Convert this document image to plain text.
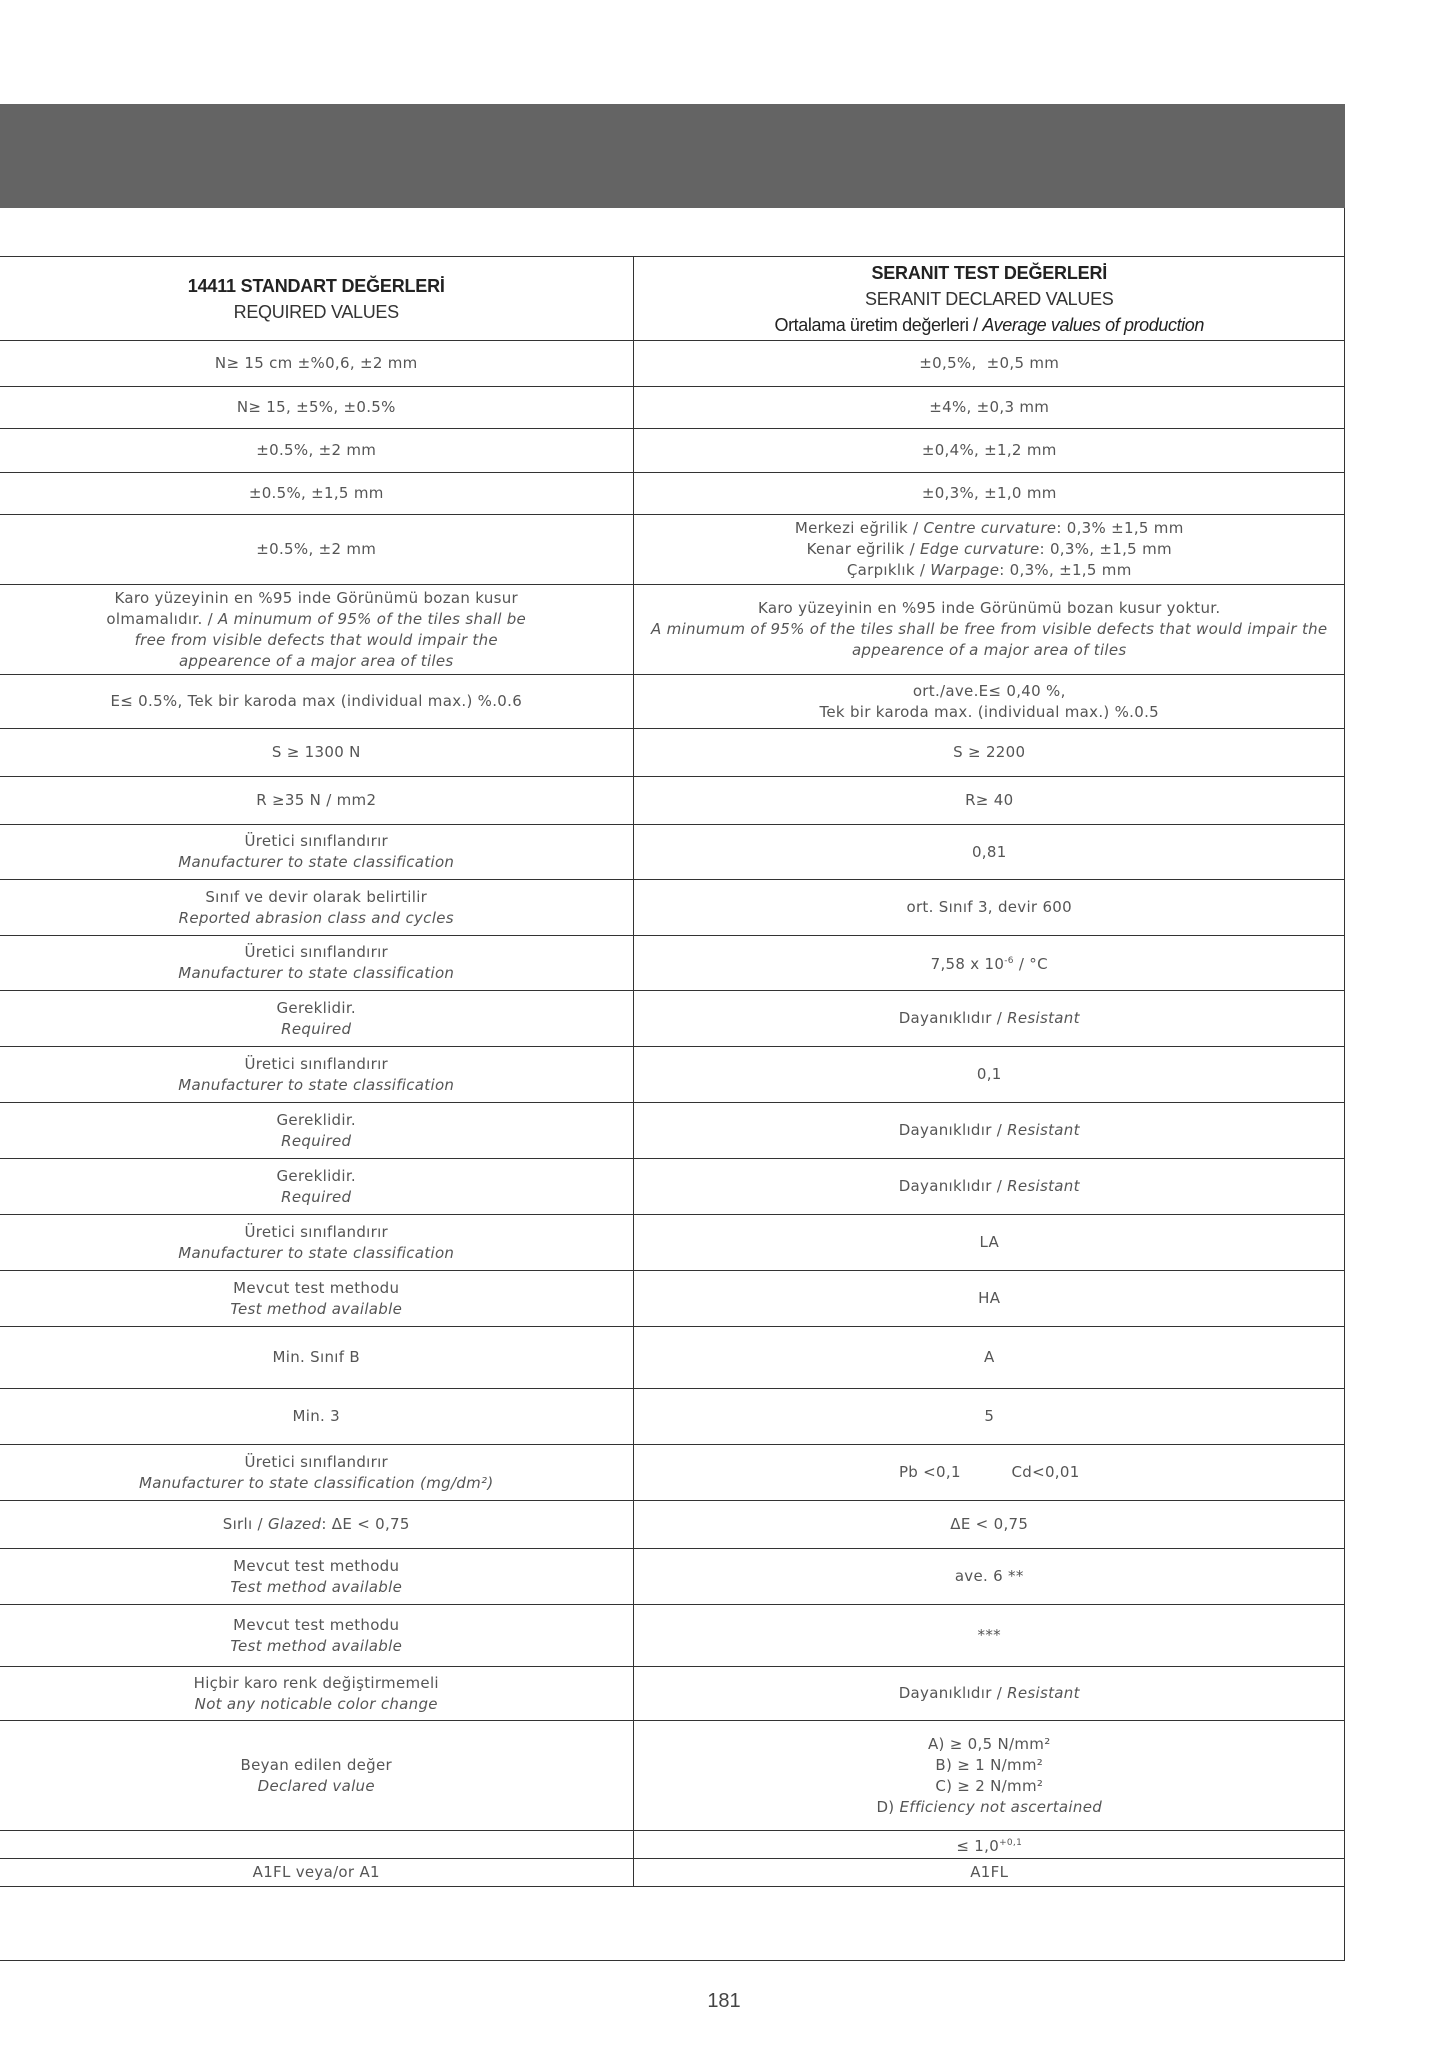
14411 STANDART DEĞERLERİ
REQUIRED VALUES	SERANIT TEST DEĞERLERİ
SERANIT DECLARED VALUES
Ortalama üretim değerleri / Average values of production

N≥ 15 cm ±%0,6, ±2 mm	±0,5%,  ±0,5 mm

N≥ 15, ±5%, ±0.5%	±4%, ±0,3 mm

±0.5%, ±2 mm	±0,4%, ±1,2 mm

±0.5%, ±1,5 mm	±0,3%, ±1,0 mm

±0.5%, ±2 mm	Merkezi eğrilik / Centre curvature: 0,3% ±1,5 mm
Kenar eğrilik / Edge curvature: 0,3%, ±1,5 mm
Çarpıklık / Warpage: 0,3%, ±1,5 mm

Karo yüzeyinin en %95 inde Görünümü bozan kusur olmamalıdır. / A minumum of 95% of the tiles shall be free from visible defects that would impair the appearence of a major area of tiles	Karo yüzeyinin en %95 inde Görünümü bozan kusur yoktur.
A minumum of 95% of the tiles shall be free from visible defects that would impair the appearence of a major area of tiles

E≤ 0.5%, Tek bir karoda max (individual max.) %.0.6	ort./ave.E≤ 0,40 %,
Tek bir karoda max. (individual max.) %.0.5

S ≥ 1300 N	S ≥ 2200

R ≥35 N / mm2	R≥ 40

Üretici sınıflandırır
Manufacturer to state classification	0,81

Sınıf ve devir olarak belirtilir
Reported abrasion class and cycles	ort. Sınıf 3, devir 600

Üretici sınıflandırır
Manufacturer to state classification	7,58 x $10^{-6} / ^\circ C$

Gereklidir.
Required	Dayanıklıdır / Resistant

Üretici sınıflandırır
Manufacturer to state classification	0,1

Gereklidir.
Required	Dayanıklıdır / Resistant

Gereklidir.
Required	Dayanıklıdır / Resistant

Üretici sınıflandırır
Manufacturer to state classification	LA

Mevcut test methodu
Test method available	HA

Min. Sınıf B	A

Min. 3	5

Üretici sınıflandırır
Manufacturer to state classification (mg/dm²)	Pb <0,1          Cd<0,01

Sırlı / Glazed: ΔE < 0,75	ΔE < 0,75

Mevcut test methodu
Test method available	ave. 6 **

Mevcut test methodu
Test method available	***

Hiçbir karo renk değiştirmemeli
Not any noticable color change	Dayanıklıdır / Resistant

Beyan edilen değer
Declared value	A) ≥ 0,5 N/mm²
B) ≥ 1 N/mm²
C) ≥ 2 N/mm²
D) Efficiency not ascertained

	≤ $1,0^{+0,1}$

A1FL veya/or A1	A1FL
181
